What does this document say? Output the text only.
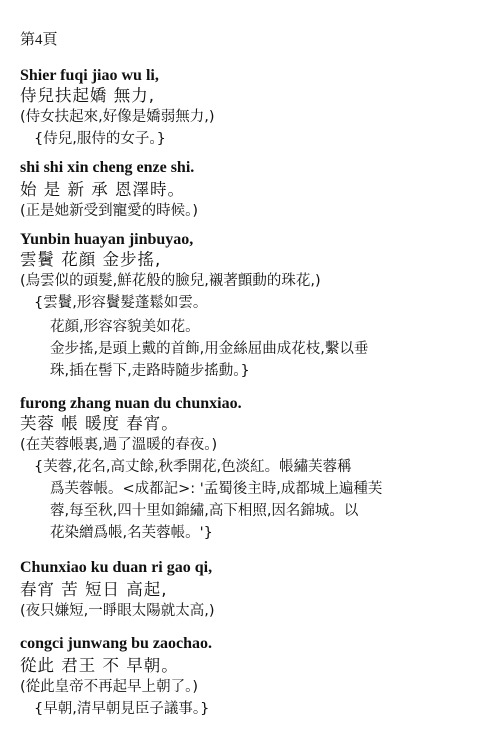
第4頁
Shier fuqi jiao wu li,
侍兒扶起嬌 無力,
(侍女扶起來,好像是嬌弱無力,)
{侍兒,服侍的女子。}
shi shi xin cheng enze shi.
始 是 新 承 恩澤時。
(正是她新受到寵愛的時候。)
Yunbin huayan jinbuyao,
雲鬢 花顔 金步搖,
(烏雲似的頭髮,鮮花般的臉兒,襯著顫動的珠花,)
{雲鬢,形容鬢髮蓬鬆如雲。
花顔,形容容貌美如花。
金步搖,是頭上戴的首飾,用金絲屈曲成花枝,繫以垂
珠,插在髻下,走路時隨步搖動。}
furong zhang nuan du chunxiao.
芙蓉 帳 暖度 春宵。
(在芙蓉帳裏,過了溫暖的春夜。)
{芙蓉,花名,高丈餘,秋季開花,色淡紅。帳繡芙蓉稱
爲芙蓉帳。<成都記>: '孟蜀後主時,成都城上遍種芙
蓉,每至秋,四十里如錦繡,高下相照,因名錦城。以
花染繒爲帳,名芙蓉帳。'}
Chunxiao ku duan ri gao qi,
春宵 苦 短日 高起,
(夜只嫌短,一睜眼太陽就太高,)
congci junwang bu zaochao.
從此 君王 不 早朝。
(從此皇帝不再起早上朝了。)
{早朝,清早朝見臣子議事。}
